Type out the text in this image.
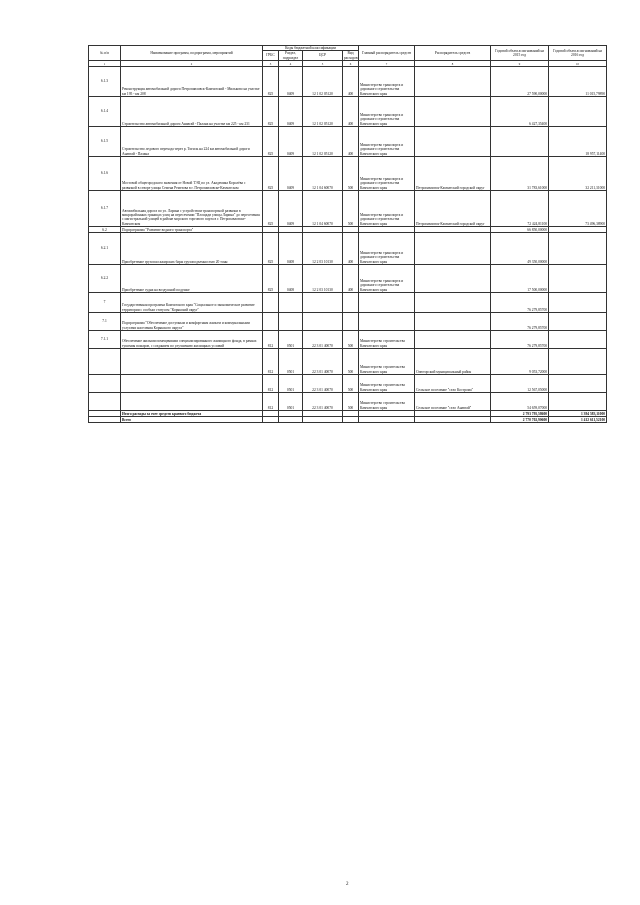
№ п/п	Наименование программ, подпрограмм, мероприятий	Коды бюджетной классификации				Главный распорядитель средств	Распорядитель средств	Годовой объем ассигнований на 2015 год	Годовой объем ассигнований на 2016 год
		ГРБС	Раздел, подраздел	ЦСР	Вид расходов				
1	2	3	4	5	6	7	8	9	10
6.1.3	Реконструкция автомобильной дороги Петропавловск-Камчатский - Мильково на участке км 195 - км 208	825	0409	12 1 02 05120	400	Министерство транспорта и дорожного строительства Камчатского края		27 590,00000	11 015,79890
6.1.4	Строительство автомобильной дороги Анавгай - Палана на участке км 225 - км 231	825	0409	12 1 02 05120	400	Министерство транспорта и дорожного строительства Камчатского края		6 427,35400	
6.1.5	Строительство ледового перехода через р. Тигиль на 224 км автомобильной дороги Анавгай - Палана	825	0409	12 1 02 05120	400	Министерство транспорта и дорожного строительства Камчатского края			18 957,11400
6.1.6	Мостовой общегородского значения от Новой ТЭЦ по ул. Академика Королёва с развязкой в створе улицы Семена Ремезова в г. Петропавловске-Камчатском	825	0409	12 1 04 60070	500	Министерство транспорта и дорожного строительства Камчатского края	Петропавловск-Камчатский городской округ	31 783,61000	32 211,31000
6.1.7	Автомобильная дорога по ул. Ларина с устройством транспортной развязки в микрорайонных границах улиц на пересечении "Площади улицы Ларина" до пересечения с магистральной улицей в районе морского торгового порта в г. Петропавловске-Камчатском	825	0409	12 1 04 60070	500	Министерство транспорта и дорожного строительства Камчатского края	Петропавловск-Камчатский городской округ	72 424,81100	73 496,38900
6.2	Подпрограмма "Развитие водного транспорта"							66 850,00000	
6.2.1	Приобретение грузопассажирских барж грузоподъемностью 20 тонн	825	0408	12 2 03 10130	400	Министерство транспорта и дорожного строительства Камчатского края		49 350,00000	
6.2.2	Приобретение судна на воздушной подушке	825	0408	12 2 03 10130	400	Министерство транспорта и дорожного строительства Камчатского края		17 500,00000	
7	Государственная программа Камчатского края "Социальное и экономическое развитие территории с особым статусом "Корякский округ"							76 279,85700	
7.1	Подпрограмма "Обеспечение доступным и комфортным жильем и коммунальными услугами населения Корякского округа"							76 279,85700	
7.1.1	Обеспечение жилыми помещениями специализированного жилищного фонда, в рамках тушения пожаров, с созданием по улучшению жилищных условий	812	0501	22 3 01 40070	500	Министерство строительства Камчатского края		76 279,85700	
		812	0501	22 3 01 40070	500	Министерство строительства Камчатского края	Олюторский муниципальный район	9 053,72000	
		812	0501	22 3 01 40070	500	Министерство строительства Камчатского края	Сельское поселение "село Кострома"	12 567,05000	
		812	0501	22 3 01 40070	500	Министерство строительства Камчатского края	Сельское поселение "село Анавгай"	54 659,07000	
	Итого расходы за счет средств краевого бюджета							2 793 795,58600	1 394 583,11000
	Всего							2 770 702,90600	1 412 611,52100
2
